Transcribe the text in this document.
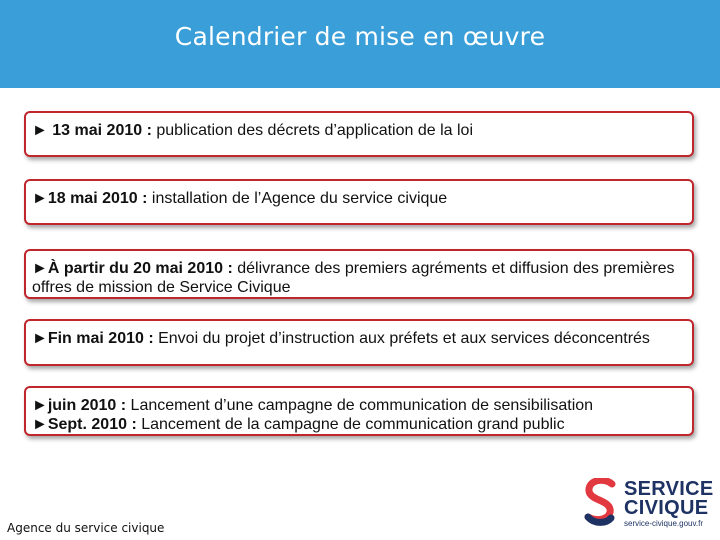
Calendrier de mise en œuvre
► 13 mai 2010 : publication des décrets d’application de la loi
►18 mai 2010 : installation de l’Agence du service civique
►À partir du 20 mai 2010 : délivrance des premiers agréments et diffusion des premières offres de mission de Service Civique
►Fin mai 2010 : Envoi du projet d’instruction aux préfets et aux services déconcentrés
►juin 2010 : Lancement d’une campagne de communication de sensibilisation
►Sept. 2010 : Lancement de la campagne de communication grand public
Agence du service civique
SERVICE
CIVIQUE
service-civique.gouv.fr
